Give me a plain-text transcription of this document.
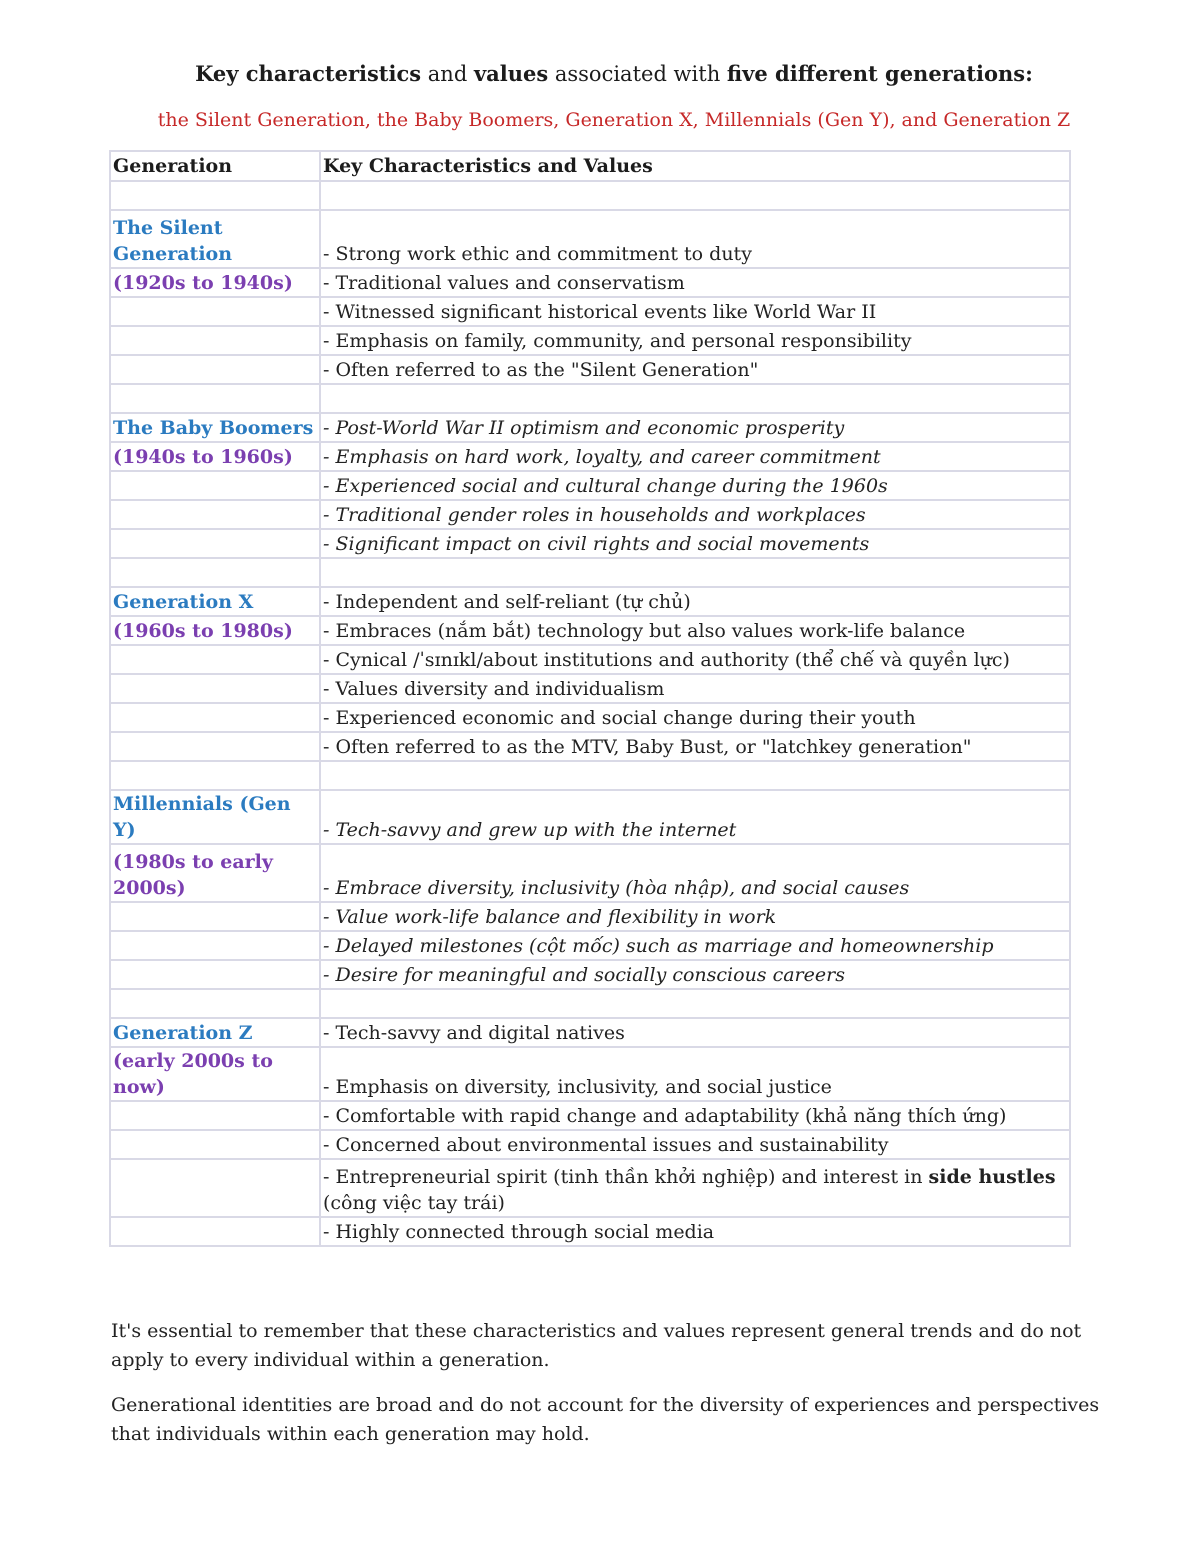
Key characteristics and values associated with five different generations:
the Silent Generation, the Baby Boomers, Generation X, Millennials (Gen Y), and Generation Z
Generation	Key Characteristics and Values

The Silent Generation	- Strong work ethic and commitment to duty
(1920s to 1940s)	- Traditional values and conservatism
	- Witnessed significant historical events like World War II
	- Emphasis on family, community, and personal responsibility
	- Often referred to as the "Silent Generation"

The Baby Boomers	- Post-World War II optimism and economic prosperity
(1940s to 1960s)	- Emphasis on hard work, loyalty, and career commitment
	- Experienced social and cultural change during the 1960s
	- Traditional gender roles in households and workplaces
	- Significant impact on civil rights and social movements

Generation X	- Independent and self-reliant (tự chủ)
(1960s to 1980s)	- Embraces (nắm bắt) technology but also values work-life balance
	- Cynical /ˈsɪnɪkl/about institutions and authority (thể chế và quyền lực)
	- Values diversity and individualism
	- Experienced economic and social change during their youth
	- Often referred to as the MTV, Baby Bust, or "latchkey generation"

Millennials (Gen Y)	- Tech-savvy and grew up with the internet
(1980s to early 2000s)	- Embrace diversity, inclusivity (hòa nhập), and social causes
	- Value work-life balance and flexibility in work
	- Delayed milestones (cột mốc) such as marriage and homeownership
	- Desire for meaningful and socially conscious careers

Generation Z	- Tech-savvy and digital natives
(early 2000s to now)	- Emphasis on diversity, inclusivity, and social justice
	- Comfortable with rapid change and adaptability (khả năng thích ứng)
	- Concerned about environmental issues and sustainability
	- Entrepreneurial spirit (tinh thần khởi nghiệp) and interest in side hustles (công việc tay trái)
	- Highly connected through social media

It's essential to remember that these characteristics and values represent general trends and do not apply to every individual within a generation.

Generational identities are broad and do not account for the diversity of experiences and perspectives that individuals within each generation may hold.
